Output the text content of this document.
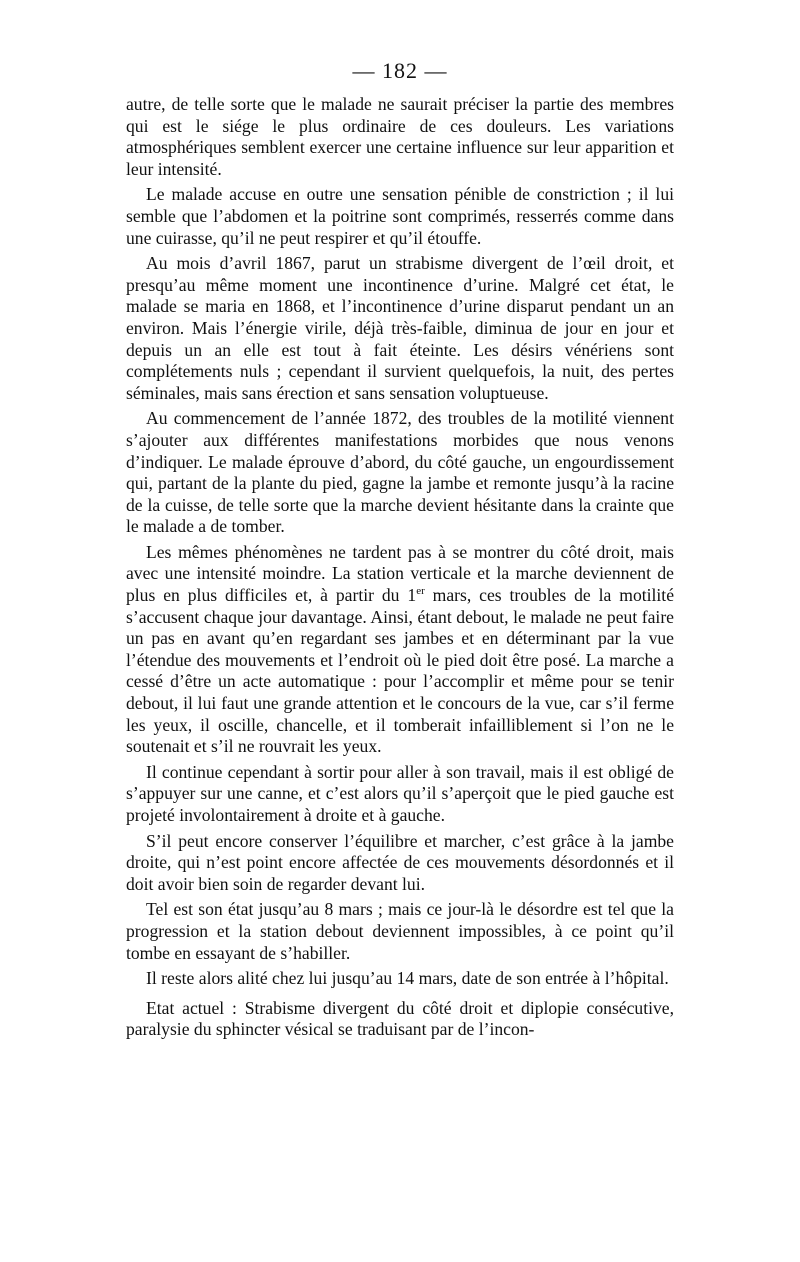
— 182 —

autre, de telle sorte que le malade ne saurait préciser la partie des membres qui est le siége le plus ordinaire de ces douleurs. Les variations atmosphériques semblent exercer une certaine influence sur leur apparition et leur intensité.

Le malade accuse en outre une sensation pénible de constriction ; il lui semble que l’abdomen et la poitrine sont comprimés, resserrés comme dans une cuirasse, qu’il ne peut respirer et qu’il étouffe.

Au mois d’avril 1867, parut un strabisme divergent de l’œil droit, et presqu’au même moment une incontinence d’urine. Malgré cet état, le malade se maria en 1868, et l’incontinence d’urine disparut pendant un an environ. Mais l’énergie virile, déjà très-faible, diminua de jour en jour et depuis un an elle est tout à fait éteinte. Les désirs vénériens sont complétements nuls ; cependant il survient quelquefois, la nuit, des pertes séminales, mais sans érection et sans sensation voluptueuse.

Au commencement de l’année 1872, des troubles de la motilité viennent s’ajouter aux différentes manifestations morbides que nous venons d’indiquer. Le malade éprouve d’abord, du côté gauche, un engourdissement qui, partant de la plante du pied, gagne la jambe et remonte jusqu’à la racine de la cuisse, de telle sorte que la marche devient hésitante dans la crainte que le malade a de tomber.

Les mêmes phénomènes ne tardent pas à se montrer du côté droit, mais avec une intensité moindre. La station verticale et la marche deviennent de plus en plus difficiles et, à partir du 1er mars, ces troubles de la motilité s’accusent chaque jour davantage. Ainsi, étant debout, le malade ne peut faire un pas en avant qu’en regardant ses jambes et en déterminant par la vue l’étendue des mouvements et l’endroit où le pied doit être posé. La marche a cessé d’être un acte automatique : pour l’accomplir et même pour se tenir debout, il lui faut une grande attention et le concours de la vue, car s’il ferme les yeux, il oscille, chancelle, et il tomberait infailliblement si l’on ne le soutenait et s’il ne rouvrait les yeux.

Il continue cependant à sortir pour aller à son travail, mais il est obligé de s’appuyer sur une canne, et c’est alors qu’il s’aperçoit que le pied gauche est projeté involontairement à droite et à gauche.

S’il peut encore conserver l’équilibre et marcher, c’est grâce à la jambe droite, qui n’est point encore affectée de ces mouvements désordonnés et il doit avoir bien soin de regarder devant lui.

Tel est son état jusqu’au 8 mars ; mais ce jour-là le désordre est tel que la progression et la station debout deviennent impossibles, à ce point qu’il tombe en essayant de s’habiller.

Il reste alors alité chez lui jusqu’au 14 mars, date de son entrée à l’hôpital.

Etat actuel : Strabisme divergent du côté droit et diplopie consécutive, paralysie du sphincter vésical se traduisant par de l’incon-
